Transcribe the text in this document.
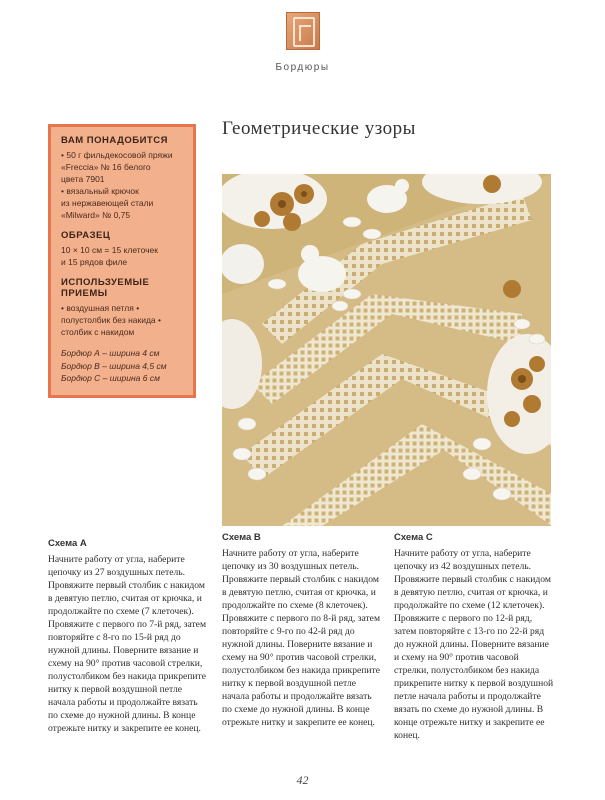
Бордюры
Геометрические узоры
ВАМ ПОНАДОБИТСЯ
• 50 г фильдекосовой пряжи
«Freccia» № 16 белого
цвета 7901
• вязальный крючок
из нержавеющей стали
«Milward» № 0,75
ОБРАЗЕЦ
10 × 10 см = 15 клеточек
и 15 рядов филе
ИСПОЛЬЗУЕМЫЕ ПРИЕМЫ
• воздушная петля •
полустолбик без накида •
столбик с накидом
Бордюр А – ширина 4 см
Бордюр В – ширина 4,5 см
Бордюр С – ширина 6 см
Схема А
Начните работу от угла, наберите цепочку из 27 воздушных петель. Провяжите первый столбик с накидом в девятую петлю, считая от крючка, и продолжайте по схеме (7 клеточек). Провяжите с первого по 7-й ряд, затем повторяйте с 8-го по 15-й ряд до нужной длины. Поверните вязание и схему на 90° против часовой стрелки, полустолбиком без накида прикрепите нитку к первой воздушной петле начала работы и продолжайте вязать по схеме до нужной длины. В конце отрежьте нитку и закрепите ее конец.
Схема В
Начните работу от угла, наберите цепочку из 30 воздушных петель. Провяжите первый столбик с накидом в девятую петлю, считая от крючка, и продолжайте по схеме (8 клеточек). Провяжите с первого по 8-й ряд, затем повторяйте с 9-го по 42-й ряд до нужной длины. Поверните вязание и схему на 90° против часовой стрелки, полустолбиком без накида прикрепите нитку к первой воздушной петле начала работы и продолжайте вязать по схеме до нужной длины. В конце отрежьте нитку и закрепите ее конец.
Схема С
Начните работу от угла, наберите цепочку из 42 воздушных петель. Провяжите первый столбик с накидом в девятую петлю, считая от крючка, и продолжайте по схеме (12 клеточек). Провяжите с первого по 12-й ряд, затем повторяйте с 13-го по 22-й ряд до нужной длины. Поверните вязание и схему на 90° против часовой стрелки, полустолбиком без накида прикрепите нитку к первой воздушной петле начала работы и продолжайте вязать по схеме до нужной длины. В конце отрежьте нитку и закрепите ее конец.
42
